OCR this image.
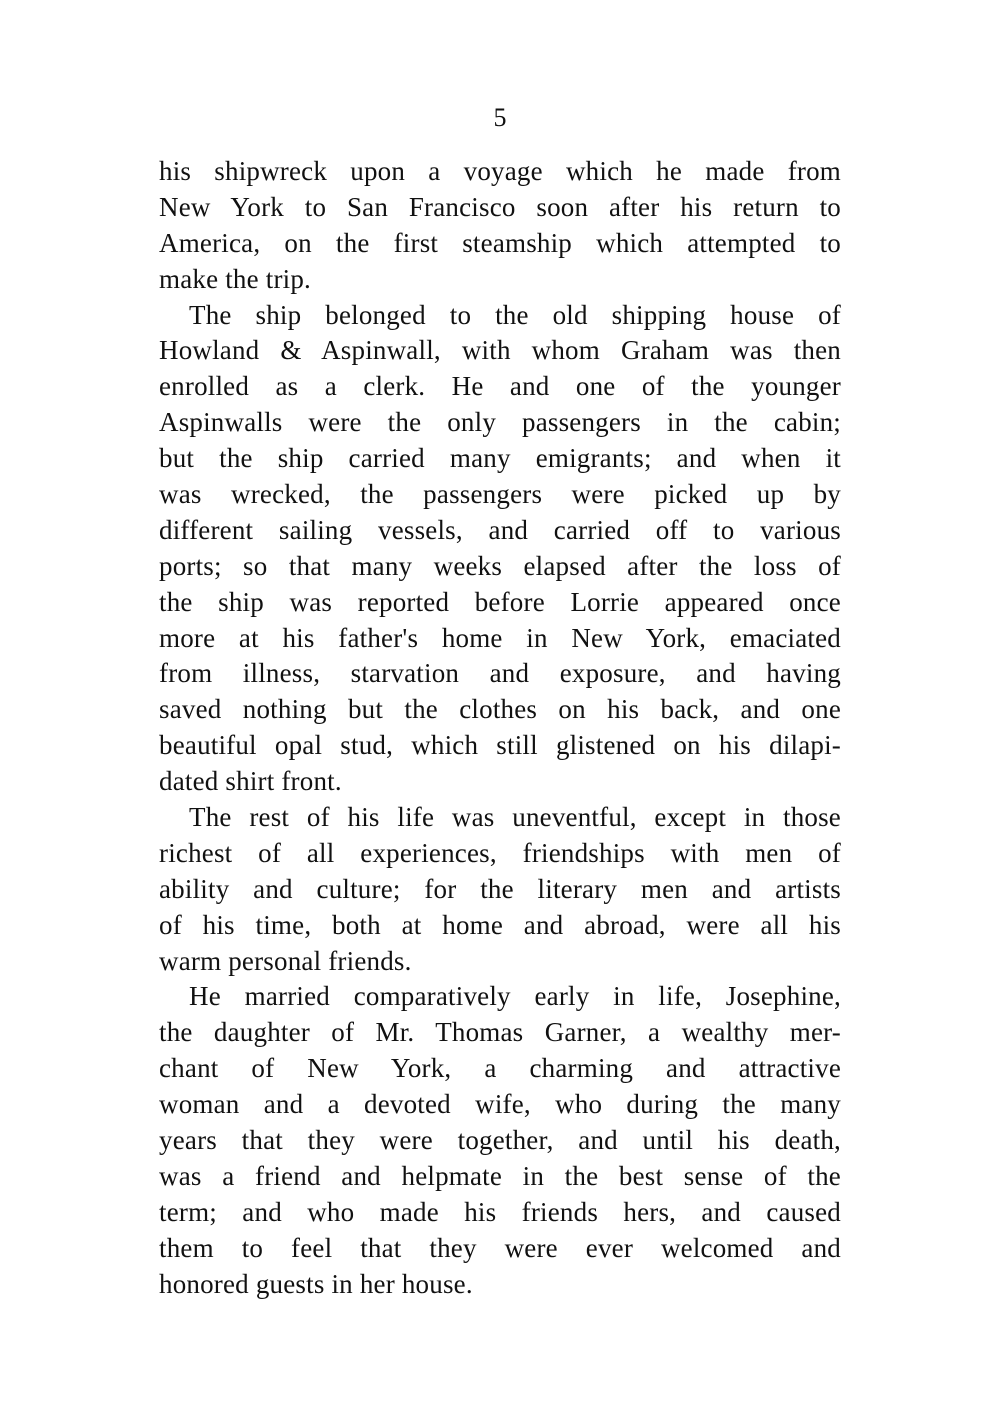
5
his shipwreck upon a voyage which he made from
New York to San Francisco soon after his return to
America, on the first steamship which attempted to
make the trip.
The ship belonged to the old shipping house of
Howland & Aspinwall, with whom Graham was then
enrolled as a clerk. He and one of the younger
Aspinwalls were the only passengers in the cabin;
but the ship carried many emigrants; and when it
was wrecked, the passengers were picked up by
different sailing vessels, and carried off to various
ports; so that many weeks elapsed after the loss of
the ship was reported before Lorrie appeared once
more at his father's home in New York, emaciated
from illness, starvation and exposure, and having
saved nothing but the clothes on his back, and one
beautiful opal stud, which still glistened on his dilapi-
dated shirt front.
The rest of his life was uneventful, except in those
richest of all experiences, friendships with men of
ability and culture; for the literary men and artists
of his time, both at home and abroad, were all his
warm personal friends.
He married comparatively early in life, Josephine,
the daughter of Mr. Thomas Garner, a wealthy mer-
chant of New York, a charming and attractive
woman and a devoted wife, who during the many
years that they were together, and until his death,
was a friend and helpmate in the best sense of the
term; and who made his friends hers, and caused
them to feel that they were ever welcomed and
honored guests in her house.
